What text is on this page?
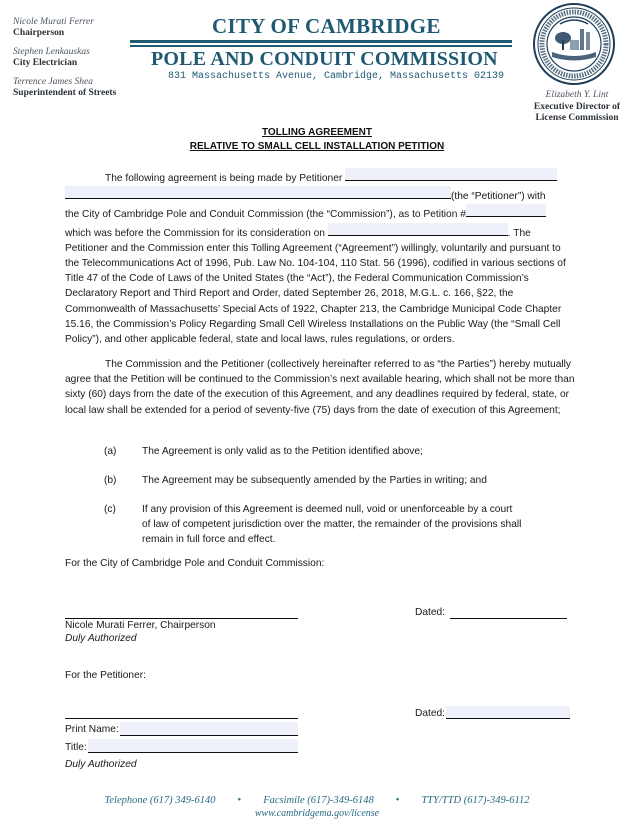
Nicole Murati Ferrer
Chairperson
Stephen Lenkauskas
City Electrician
Terrence James Shea
Superintendent of Streets
CITY OF CAMBRIDGE
POLE AND CONDUIT COMMISSION
831 Massachusetts Avenue, Cambridge, Massachusetts 02139
Elizabeth Y. Lint
Executive Director of
License Commission
TOLLING AGREEMENT
RELATIVE TO SMALL CELL INSTALLATION PETITION
The following agreement is being made by Petitioner
(the “Petitioner”) with
the City of Cambridge Pole and Conduit Commission (the “Commission”), as to Petition #
which was before the Commission for its consideration on	. The
Petitioner and the Commission enter this Tolling Agreement (“Agreement”) willingly, voluntarily and pursuant to the Telecommunications Act of 1996, Pub. Law No. 104-104, 110 Stat. 56 (1996), codified in various sections of Title 47 of the Code of Laws of the United States (the “Act”), the Federal Communication Commission’s Declaratory Report and Third Report and Order, dated September 26, 2018, M.G.L. c. 166, §22, the Commonwealth of Massachusetts’ Special Acts of 1922, Chapter 213, the Cambridge Municipal Code Chapter 15.16, the Commission’s Policy Regarding Small Cell Wireless Installations on the Public Way (the “Small Cell Policy”), and other applicable federal, state and local laws, rules regulations, or orders.
The Commission and the Petitioner (collectively hereinafter referred to as “the Parties”) hereby mutually agree that the Petition will be continued to the Commission’s next available hearing, which shall not be more than sixty (60) days from the date of the execution of this Agreement, and any deadlines required by federal, state, or local law shall be extended for a period of seventy-five (75) days from the date of execution of this Agreement;
(a)	The Agreement is only valid as to the Petition identified above;
(b)	The Agreement may be subsequently amended by the Parties in writing; and
(c)	If any provision of this Agreement is deemed null, void or unenforceable by a court of law of competent jurisdiction over the matter, the remainder of the provisions shall remain in full force and effect.
For the City of Cambridge Pole and Conduit Commission:
Dated:
Nicole Murati Ferrer, Chairperson
Duly Authorized
For the Petitioner:
Dated:
Print Name:
Title:
Duly Authorized
Telephone (617) 349-6140 • Facsimile (617)-349-6148 • TTY/TTD (617)-349-6112
www.cambridgema.gov/license
